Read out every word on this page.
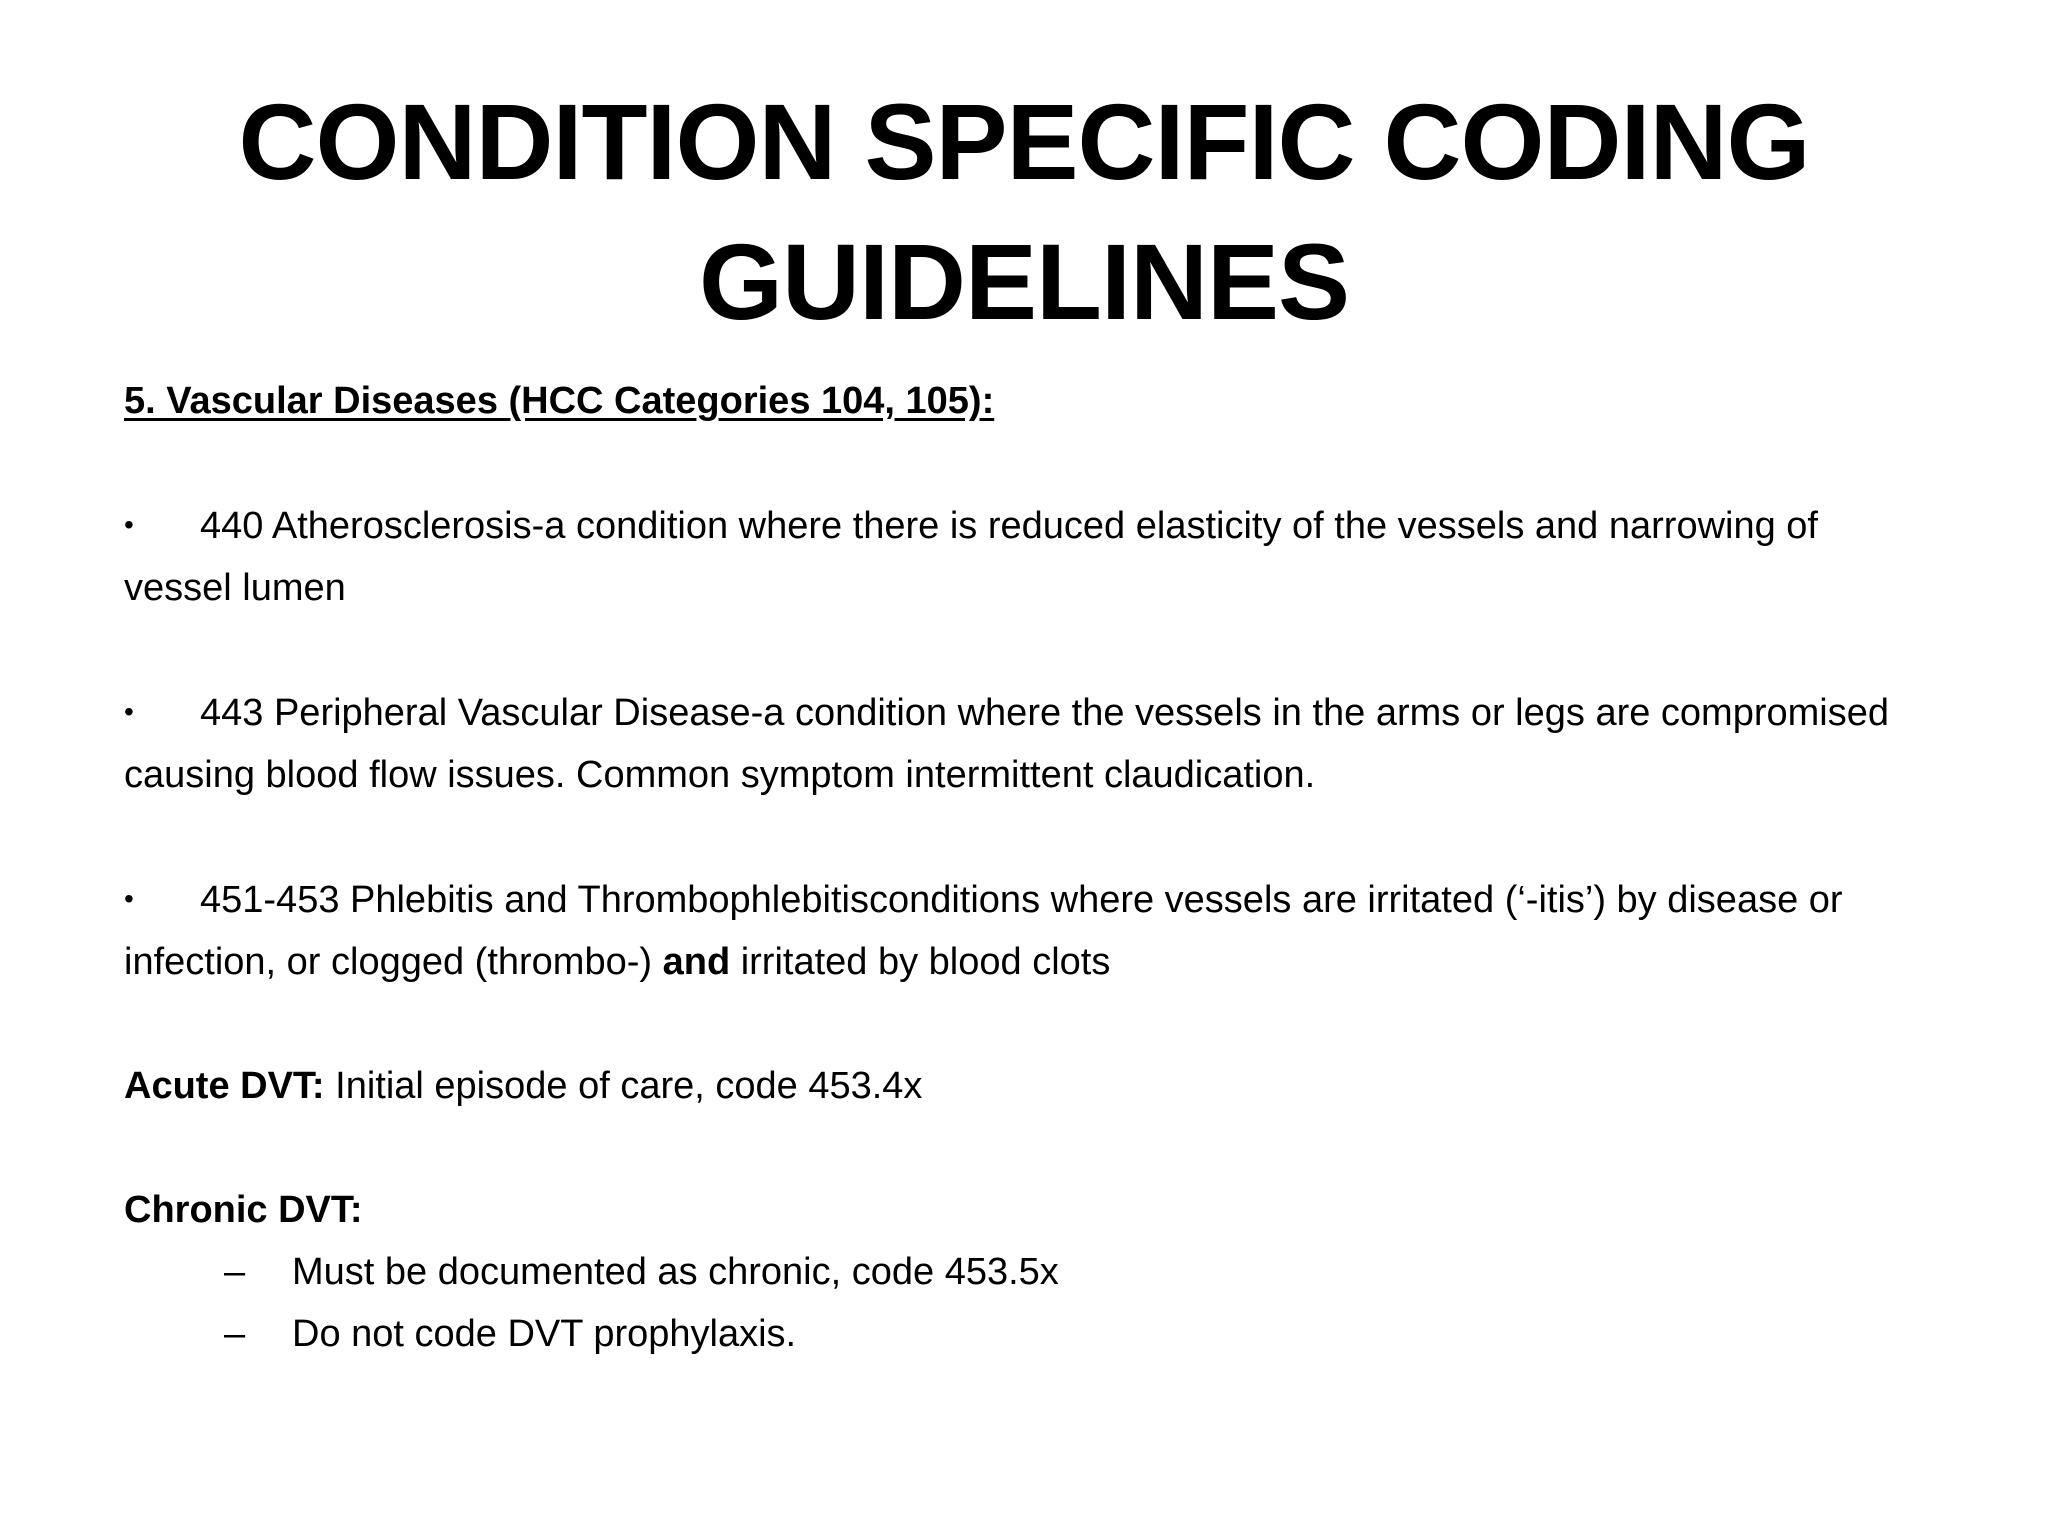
CONDITION SPECIFIC CODING
GUIDELINES

5. Vascular Diseases (HCC Categories 104, 105):

• 440 Atherosclerosis-a condition where there is reduced elasticity of the vessels and narrowing of vessel lumen

• 443 Peripheral Vascular Disease-a condition where the vessels in the arms or legs are compromised causing blood flow issues. Common symptom intermittent claudication.

• 451-453 Phlebitis and Thrombophlebitisconditions where vessels are irritated (‘-itis’) by disease or infection, or clogged (thrombo-) and irritated by blood clots

Acute DVT: Initial episode of care, code 453.4x

Chronic DVT:

– Must be documented as chronic, code 453.5x
– Do not code DVT prophylaxis.
